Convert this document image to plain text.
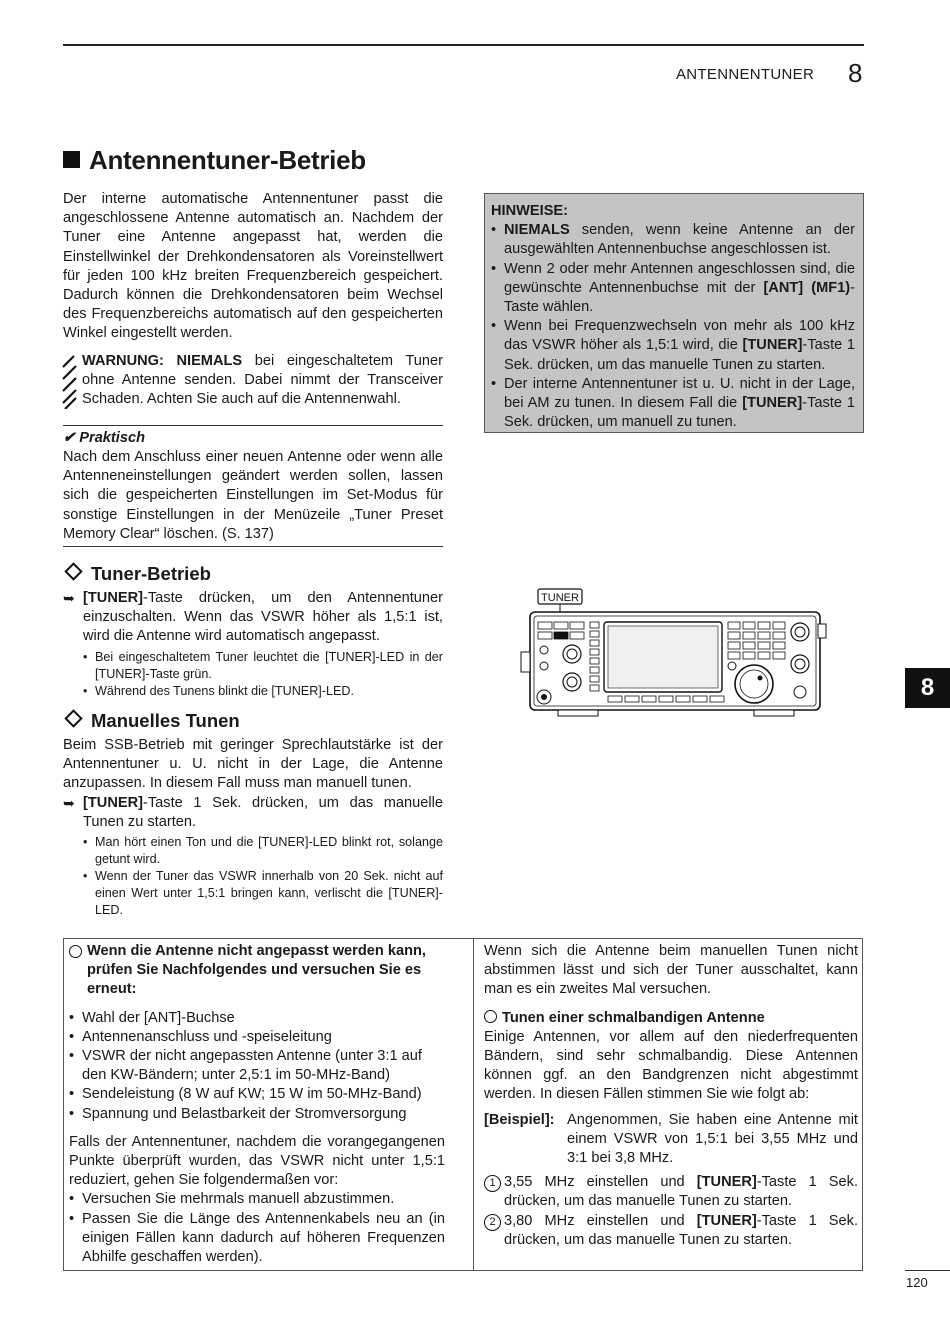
ANTENNENTUNER 8
Antennentuner-Betrieb
Der interne automatische Antennentuner passt die angeschlossene Antenne automatisch an. Nachdem der Tuner eine Antenne angepasst hat, werden die Einstellwinkel der Drehkondensatoren als Voreinstellwert für jeden 100 kHz breiten Frequenzbereich gespeichert. Dadurch können die Drehkondensatoren beim Wechsel des Frequenzbereichs automatisch auf den gespeicherten Winkel eingestellt werden.
WARNUNG: NIEMALS bei eingeschaltetem Tuner ohne Antenne senden. Dabei nimmt der Transceiver Schaden. Achten Sie auch auf die Antennenwahl.
✔ Praktisch
Nach dem Anschluss einer neuen Antenne oder wenn alle Antenneneinstellungen geändert werden sollen, lassen sich die gespeicherten Einstellungen im Set-Modus für sonstige Einstellungen in der Menüzeile „Tuner Preset Memory Clear“ löschen. (S. 137)
Tuner-Betrieb
➥ [TUNER]-Taste drücken, um den Antennentuner einzuschalten. Wenn das VSWR höher als 1,5:1 ist, wird die Antenne wird automatisch angepasst.
• Bei eingeschaltetem Tuner leuchtet die [TUNER]-LED in der [TUNER]-Taste grün.
• Während des Tunens blinkt die [TUNER]-LED.
Manuelles Tunen
Beim SSB-Betrieb mit geringer Sprechlautstärke ist der Antennentuner u. U. nicht in der Lage, die Antenne anzupassen. In diesem Fall muss man manuell tunen.
➥ [TUNER]-Taste 1 Sek. drücken, um das manuelle Tunen zu starten.
• Man hört einen Ton und die [TUNER]-LED blinkt rot, solange getunt wird.
• Wenn der Tuner das VSWR innerhalb von 20 Sek. nicht auf einen Wert unter 1,5:1 bringen kann, verlischt die [TUNER]-LED.
HINWEISE:
• NIEMALS senden, wenn keine Antenne an der ausgewählten Antennenbuchse angeschlossen ist.
• Wenn 2 oder mehr Antennen angeschlossen sind, die gewünschte Antennenbuchse mit der [ANT] (MF1)-Taste wählen.
• Wenn bei Frequenzwechseln von mehr als 100 kHz das VSWR höher als 1,5:1 wird, die [TUNER]-Taste 1 Sek. drücken, um das manuelle Tunen zu starten.
• Der interne Antennentuner ist u. U. nicht in der Lage, bei AM zu tunen. In diesem Fall die [TUNER]-Taste 1 Sek. drücken, um manuell zu tunen.
TUNER
8
Wenn die Antenne nicht angepasst werden kann, prüfen Sie Nachfolgendes und versuchen Sie es erneut:
• Wahl der [ANT]-Buchse
• Antennenanschluss und -speiseleitung
• VSWR der nicht angepassten Antenne (unter 3:1 auf den KW-Bändern; unter 2,5:1 im 50-MHz-Band)
• Sendeleistung (8 W auf KW; 15 W im 50-MHz-Band)
• Spannung und Belastbarkeit der Stromversorgung
Falls der Antennentuner, nachdem die vorangegangenen Punkte überprüft wurden, das VSWR nicht unter 1,5:1 reduziert, gehen Sie folgendermaßen vor:
• Versuchen Sie mehrmals manuell abzustimmen.
• Passen Sie die Länge des Antennenkabels neu an (in einigen Fällen kann dadurch auf höheren Frequenzen Abhilfe geschaffen werden).
Wenn sich die Antenne beim manuellen Tunen nicht abstimmen lässt und sich der Tuner ausschaltet, kann man es ein zweites Mal versuchen.
Tunen einer schmalbandigen Antenne
Einige Antennen, vor allem auf den niederfrequenten Bändern, sind sehr schmalbandig. Diese Antennen können ggf. an den Bandgrenzen nicht abgestimmt werden. In diesen Fällen stimmen Sie wie folgt ab:
[Beispiel]: Angenommen, Sie haben eine Antenne mit einem VSWR von 1,5:1 bei 3,55 MHz und 3:1 bei 3,8 MHz.
1 3,55 MHz einstellen und [TUNER]-Taste 1 Sek. drücken, um das manuelle Tunen zu starten.
2 3,80 MHz einstellen und [TUNER]-Taste 1 Sek. drücken, um das manuelle Tunen zu starten.
120
